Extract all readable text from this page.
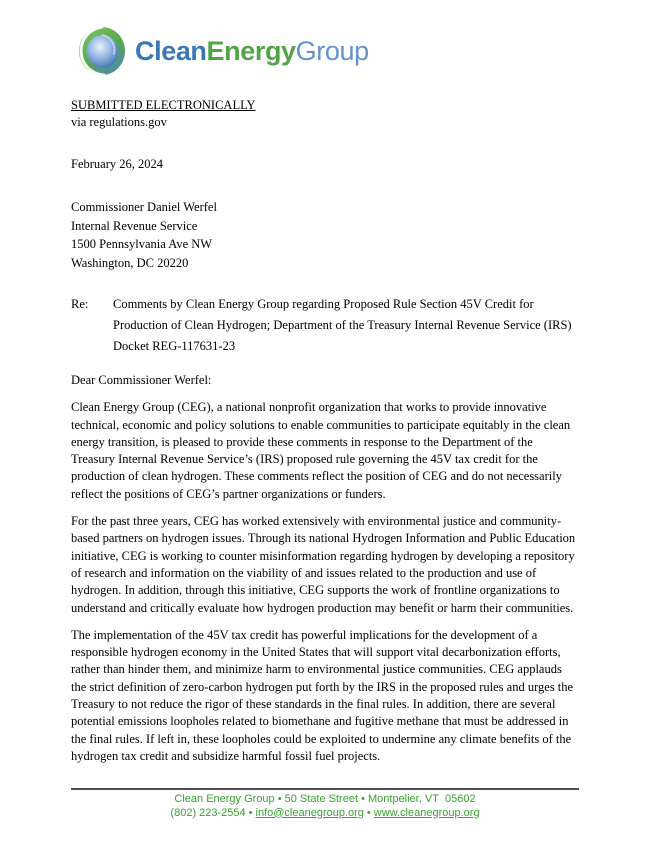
CleanEnergyGroup
SUBMITTED ELECTRONICALLY
via regulations.gov
February 26, 2024
Commissioner Daniel Werfel
Internal Revenue Service
1500 Pennsylvania Ave NW
Washington, DC 20220
Re:	Comments by Clean Energy Group regarding Proposed Rule Section 45V Credit for Production of Clean Hydrogen; Department of the Treasury Internal Revenue Service (IRS) Docket REG-117631-23
Dear Commissioner Werfel:

Clean Energy Group (CEG), a national nonprofit organization that works to provide innovative technical, economic and policy solutions to enable communities to participate equitably in the clean energy transition, is pleased to provide these comments in response to the Department of the Treasury Internal Revenue Service’s (IRS) proposed rule governing the 45V tax credit for the production of clean hydrogen. These comments reflect the position of CEG and do not necessarily reflect the positions of CEG’s partner organizations or funders.

For the past three years, CEG has worked extensively with environmental justice and community-based partners on hydrogen issues. Through its national Hydrogen Information and Public Education initiative, CEG is working to counter misinformation regarding hydrogen by developing a repository of research and information on the viability of and issues related to the production and use of hydrogen. In addition, through this initiative, CEG supports the work of frontline organizations to understand and critically evaluate how hydrogen production may benefit or harm their communities.

The implementation of the 45V tax credit has powerful implications for the development of a responsible hydrogen economy in the United States that will support vital decarbonization efforts, rather than hinder them, and minimize harm to environmental justice communities. CEG applauds the strict definition of zero-carbon hydrogen put forth by the IRS in the proposed rules and urges the Treasury to not reduce the rigor of these standards in the final rules. In addition, there are several potential emissions loopholes related to biomethane and fugitive methane that must be addressed in the final rules. If left in, these loopholes could be exploited to undermine any climate benefits of the hydrogen tax credit and subsidize harmful fossil fuel projects.

Clean Energy Group • 50 State Street • Montpelier, VT  05602
(802) 223-2554 • info@cleanegroup.org • www.cleanegroup.org
